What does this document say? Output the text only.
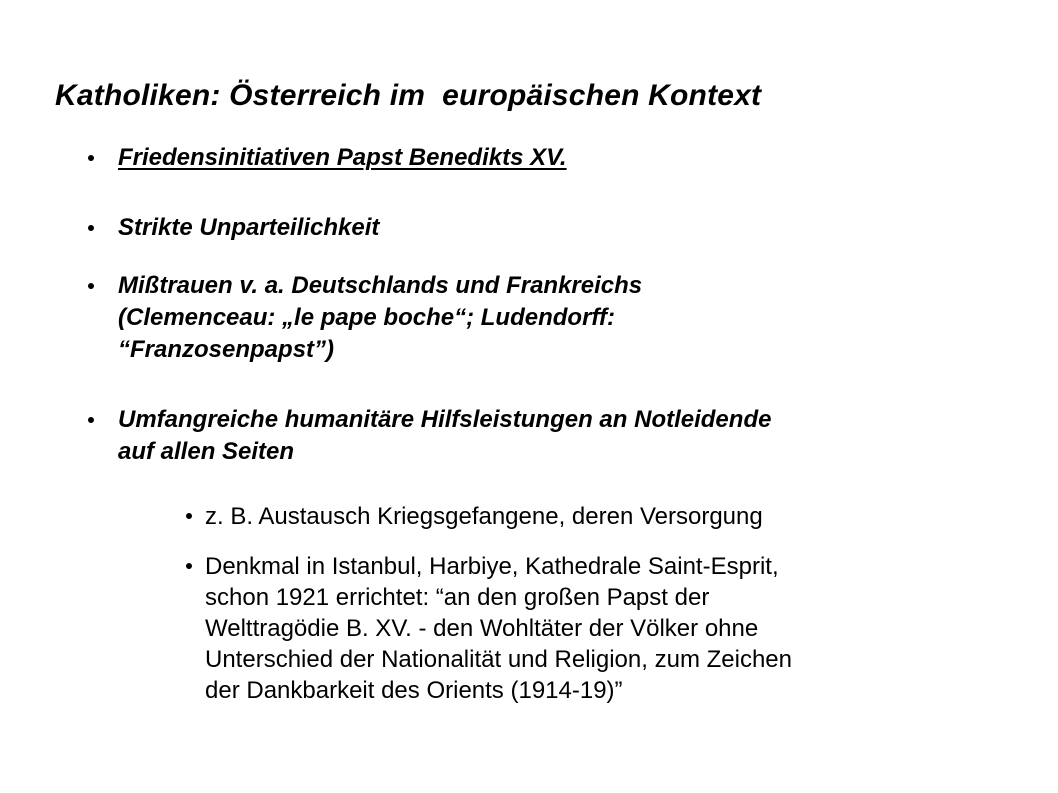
Katholiken: Österreich im  europäischen Kontext
Friedensinitiativen Papst Benedikts XV.
Strikte Unparteilichkeit
Mißtrauen v. a. Deutschlands und Frankreichs
(Clemenceau: „le pape boche“; Ludendorff:
“Franzosenpapst”)
Umfangreiche humanitäre Hilfsleistungen an Notleidende
auf allen Seiten
z. B. Austausch Kriegsgefangene, deren Versorgung
Denkmal in Istanbul, Harbiye, Kathedrale Saint-Esprit,
schon 1921 errichtet: “an den großen Papst der
Welttragödie B. XV. - den Wohltäter der Völker ohne
Unterschied der Nationalität und Religion, zum Zeichen
der Dankbarkeit des Orients (1914-19)”
